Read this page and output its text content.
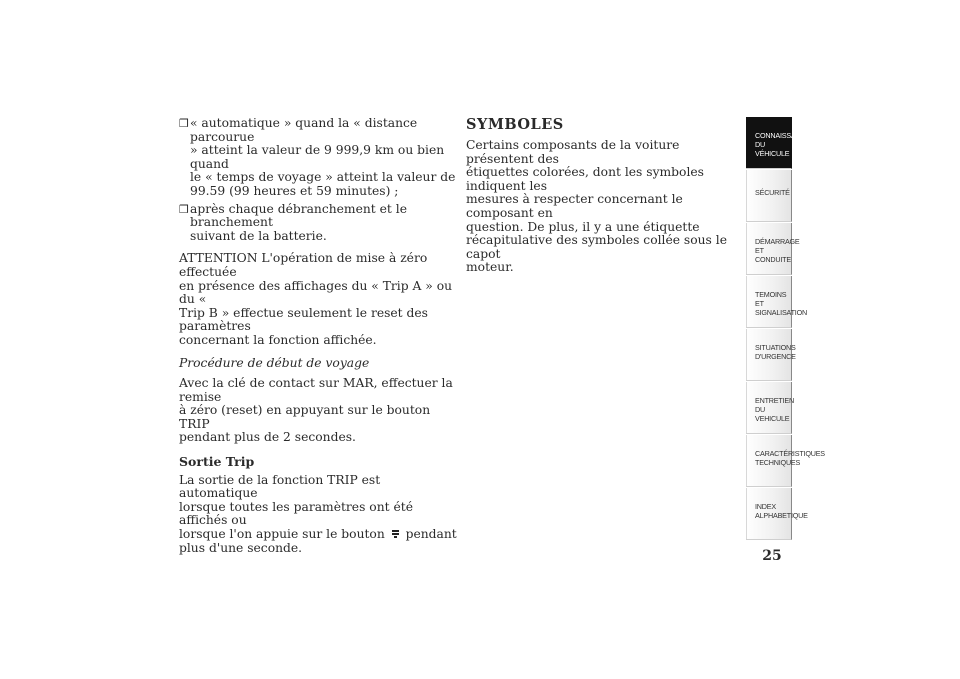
❒ « automatique » quand la « distance parcourue
» atteint la valeur de 9 999,9 km ou bien quand
le « temps de voyage » atteint la valeur de
99.59 (99 heures et 59 minutes) ;

❒ après chaque débranchement et le branchement
suivant de la batterie.

ATTENTION L'opération de mise à zéro effectuée
en présence des affichages du « Trip A » ou du «
Trip B » effectue seulement le reset des paramètres
concernant la fonction affichée.

Procédure de début de voyage

Avec la clé de contact sur MAR, effectuer la remise
à zéro (reset) en appuyant sur le bouton TRIP
pendant plus de 2 secondes.

Sortie Trip

La sortie de la fonction TRIP est automatique
lorsque toutes les paramètres ont été affichés ou
lorsque l'on appuie sur le bouton pendant
plus d'une seconde.

SYMBOLES

Certains composants de la voiture présentent des
étiquettes colorées, dont les symboles indiquent les
mesures à respecter concernant le composant en
question. De plus, il y a une étiquette
récapitulative des symboles collée sous le capot
moteur.

CONNAISSANCE DU
VÉHICULE
SÉCURITÉ
DÉMARRAGE ET
CONDUITE
TEMOINS ET
SIGNALISATION
SITUATIONS
D'URGENCE
ENTRETIEN DU
VEHICULE
CARACTÉRISTIQUES
TECHNIQUES
INDEX
ALPHABETIQUE
25
